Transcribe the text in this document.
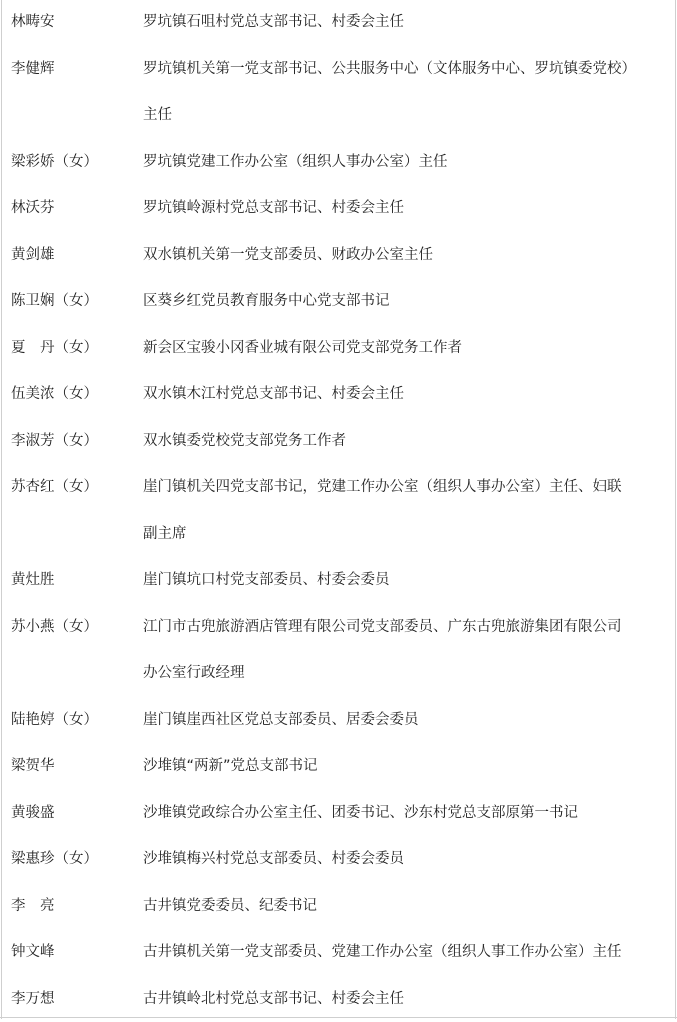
林畴安	罗坑镇石咀村党总支部书记、村委会主任
李健辉	罗坑镇机关第一党支部书记、公共服务中心（文体服务中心、罗坑镇委党校）
主任
梁彩娇（女）	罗坑镇党建工作办公室（组织人事办公室）主任
林沃芬	罗坑镇岭源村党总支部书记、村委会主任
黄剑雄	双水镇机关第一党支部委员、财政办公室主任
陈卫娴（女）	区葵乡红党员教育服务中心党支部书记
夏　丹（女）	新会区宝骏小冈香业城有限公司党支部党务工作者
伍美浓（女）	双水镇木江村党总支部书记、村委会主任
李淑芳（女）	双水镇委党校党支部党务工作者
苏杏红（女）	崖门镇机关四党支部书记，党建工作办公室（组织人事办公室）主任、妇联
副主席
黄灶胜	崖门镇坑口村党支部委员、村委会委员
苏小燕（女）	江门市古兜旅游酒店管理有限公司党支部委员、广东古兜旅游集团有限公司
办公室行政经理
陆艳婷（女）	崖门镇崖西社区党总支部委员、居委会委员
梁贺华	沙堆镇“两新”党总支部书记
黄骏盛	沙堆镇党政综合办公室主任、团委书记、沙东村党总支部原第一书记
梁惠珍（女）	沙堆镇梅兴村党总支部委员、村委会委员
李　亮	古井镇党委委员、纪委书记
钟文峰	古井镇机关第一党支部委员、党建工作办公室（组织人事工作办公室）主任
李万想	古井镇岭北村党总支部书记、村委会主任
